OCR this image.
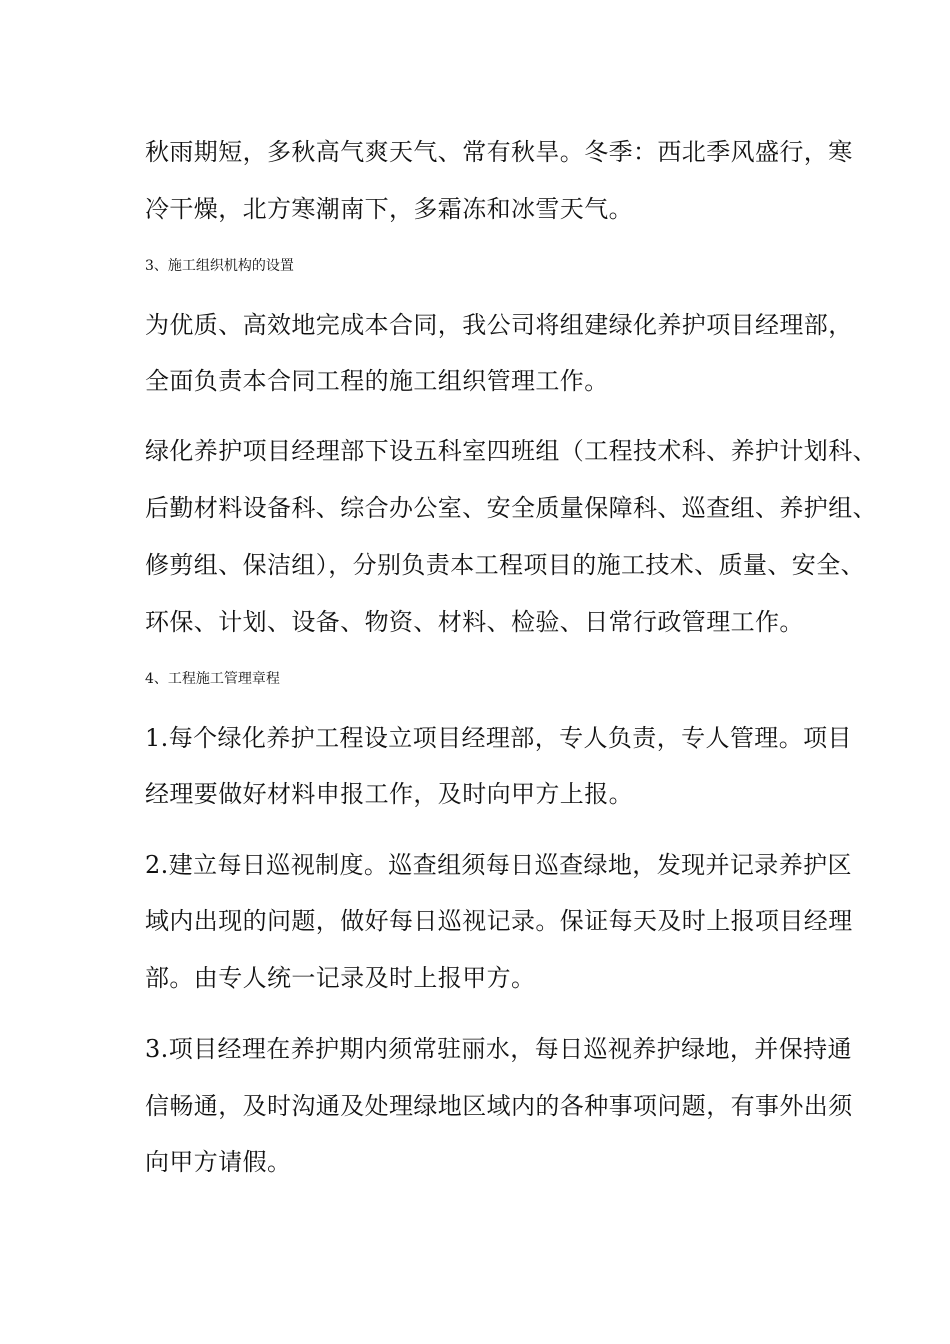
秋雨期短，多秋高气爽天气、常有秋旱。冬季：西北季风盛行，寒
冷干燥，北方寒潮南下，多霜冻和冰雪天气。
3、施工组织机构的设置
为优质、高效地完成本合同，我公司将组建绿化养护项目经理部，
全面负责本合同工程的施工组织管理工作。
绿化养护项目经理部下设五科室四班组（工程技术科、养护计划科、
后勤材料设备科、综合办公室、安全质量保障科、巡查组、养护组、
修剪组、保洁组），分别负责本工程项目的施工技术、质量、安全、
环保、计划、设备、物资、材料、检验、日常行政管理工作。
4、工程施工管理章程
1.每个绿化养护工程设立项目经理部，专人负责，专人管理。项目
经理要做好材料申报工作，及时向甲方上报。
2.建立每日巡视制度。巡查组须每日巡查绿地，发现并记录养护区
域内出现的问题，做好每日巡视记录。保证每天及时上报项目经理
部。由专人统一记录及时上报甲方。
3.项目经理在养护期内须常驻丽水，每日巡视养护绿地，并保持通
信畅通，及时沟通及处理绿地区域内的各种事项问题，有事外出须
向甲方请假。
